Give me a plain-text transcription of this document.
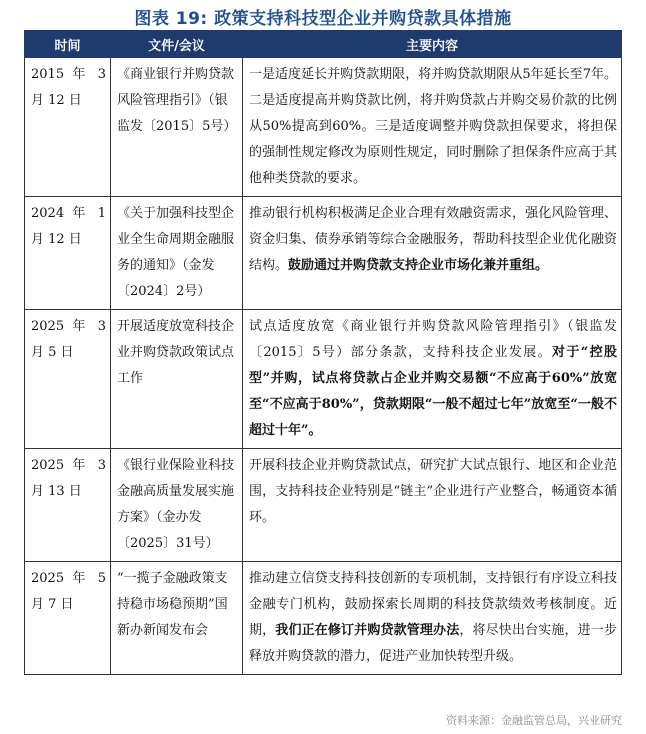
图表 19: 政策支持科技型企业并购贷款具体措施
时间	文件/会议	主要内容
2015 年 3 月 12 日	《商业银行并购贷款风险管理指引》（银监发〔2015〕5号）	一是适度延长并购贷款期限，将并购贷款期限从5年延长至7年。二是适度提高并购贷款比例，将并购贷款占并购交易价款的比例从50%提高到60%。三是适度调整并购贷款担保要求，将担保的强制性规定修改为原则性规定，同时删除了担保条件应高于其他种类贷款的要求。
2024 年 1 月 12 日	《关于加强科技型企业全生命周期金融服务的通知》（金发〔2024〕2号）	推动银行机构积极满足企业合理有效融资需求，强化风险管理、资金归集、债券承销等综合金融服务，帮助科技型企业优化融资结构。鼓励通过并购贷款支持企业市场化兼并重组。
2025 年 3 月 5 日	开展适度放宽科技企业并购贷款政策试点工作	试点适度放宽《商业银行并购贷款风险管理指引》（银监发〔2015〕5号）部分条款，支持科技企业发展。对于“控股型”并购，试点将贷款占企业并购交易额“不应高于60%”放宽至“不应高于80%”，贷款期限“一般不超过七年”放宽至“一般不超过十年”。
2025 年 3 月 13 日	《银行业保险业科技金融高质量发展实施方案》（金办发〔2025〕31号）	开展科技企业并购贷款试点，研究扩大试点银行、地区和企业范围，支持科技企业特别是“链主”企业进行产业整合，畅通资本循环。
2025 年 5 月 7 日	“一揽子金融政策支持稳市场稳预期”国新办新闻发布会	推动建立信贷支持科技创新的专项机制，支持银行有序设立科技金融专门机构，鼓励探索长周期的科技贷款绩效考核制度。近期，我们正在修订并购贷款管理办法，将尽快出台实施，进一步释放并购贷款的潜力，促进产业加快转型升级。
资料来源：金融监管总局，兴业研究
